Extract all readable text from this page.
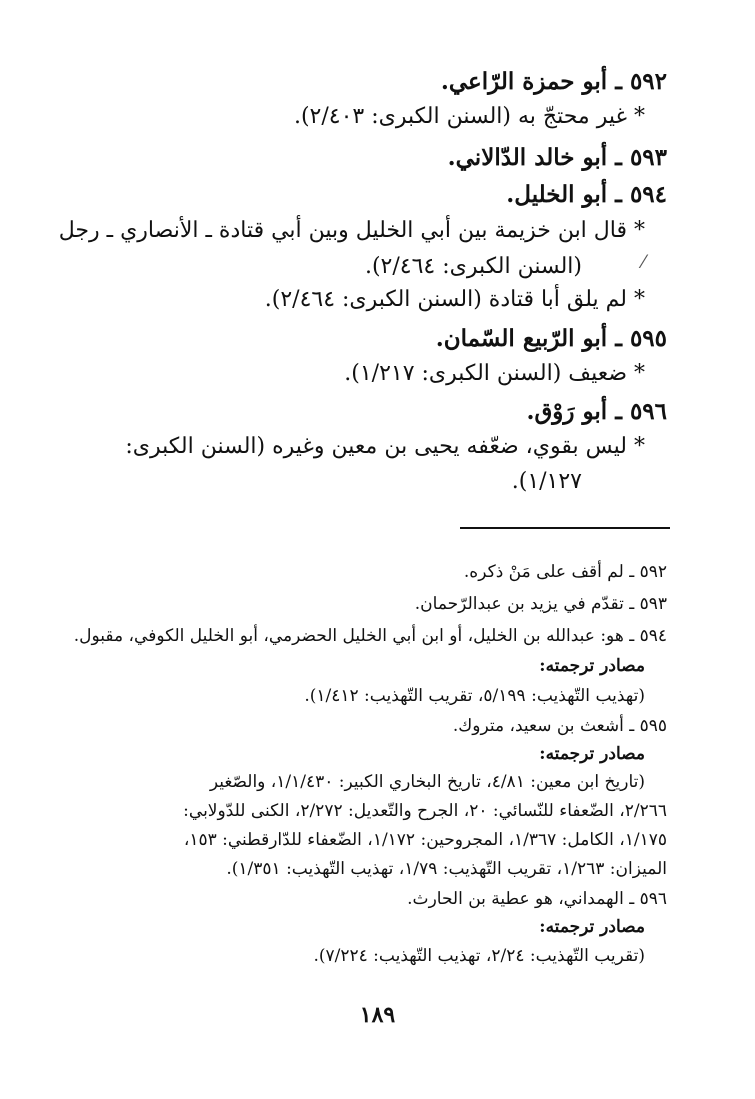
٥٩٢ ـ أبو حمزة الرّاعي.
* غير محتجّ به (السنن الكبرى: ٢/٤٠٣).
٥٩٣ ـ أبو خالد الدّالاني.
٥٩٤ ـ أبو الخليل.
* قال ابن خزيمة بين أبي الخليل وبين أبي قتادة ـ الأنصاري ـ رجل
(السنن الكبرى: ٢/٤٦٤).
* لم يلق أبا قتادة (السنن الكبرى: ٢/٤٦٤).
⁄
٥٩٥ ـ أبو الرّبيع السّمان.
* ضعيف (السنن الكبرى: ١/٢١٧).
٥٩٦ ـ أبو رَوْق.
* ليس بقوي، ضعّفه يحيى بن معين وغيره (السنن الكبرى:
١/١٢٧).
٥٩٢ ـ لم أقف على مَنْ ذكره.
٥٩٣ ـ تقدّم في يزيد بن عبدالرّحمان.
٥٩٤ ـ هو: عبدالله بن الخليل، أو ابن أبي الخليل الحضرمي، أبو الخليل الكوفي، مقبول.
مصادر ترجمته:
(تهذيب التّهذيب: ٥/١٩٩، تقريب التّهذيب: ١/٤١٢).
٥٩٥ ـ أشعث بن سعيد، متروك.
مصادر ترجمته:
(تاريخ ابن معين: ٤/٨١، تاريخ البخاري الكبير: ١/١/٤٣٠، والصّغير
٢/٢٦٦، الضّعفاء للنّسائي: ٢٠، الجرح والتّعديل: ٢/٢٧٢، الكنى للدّولابي:
١/١٧٥، الكامل: ١/٣٦٧، المجروحين: ١/١٧٢، الضّعفاء للدّارقطني: ١٥٣،
الميزان: ١/٢٦٣، تقريب التّهذيب: ١/٧٩، تهذيب التّهذيب: ١/٣٥١).
٥٩٦ ـ الهمداني، هو عطية بن الحارث.
مصادر ترجمته:
(تقريب التّهذيب: ٢/٢٤، تهذيب التّهذيب: ٧/٢٢٤).
١٨٩
